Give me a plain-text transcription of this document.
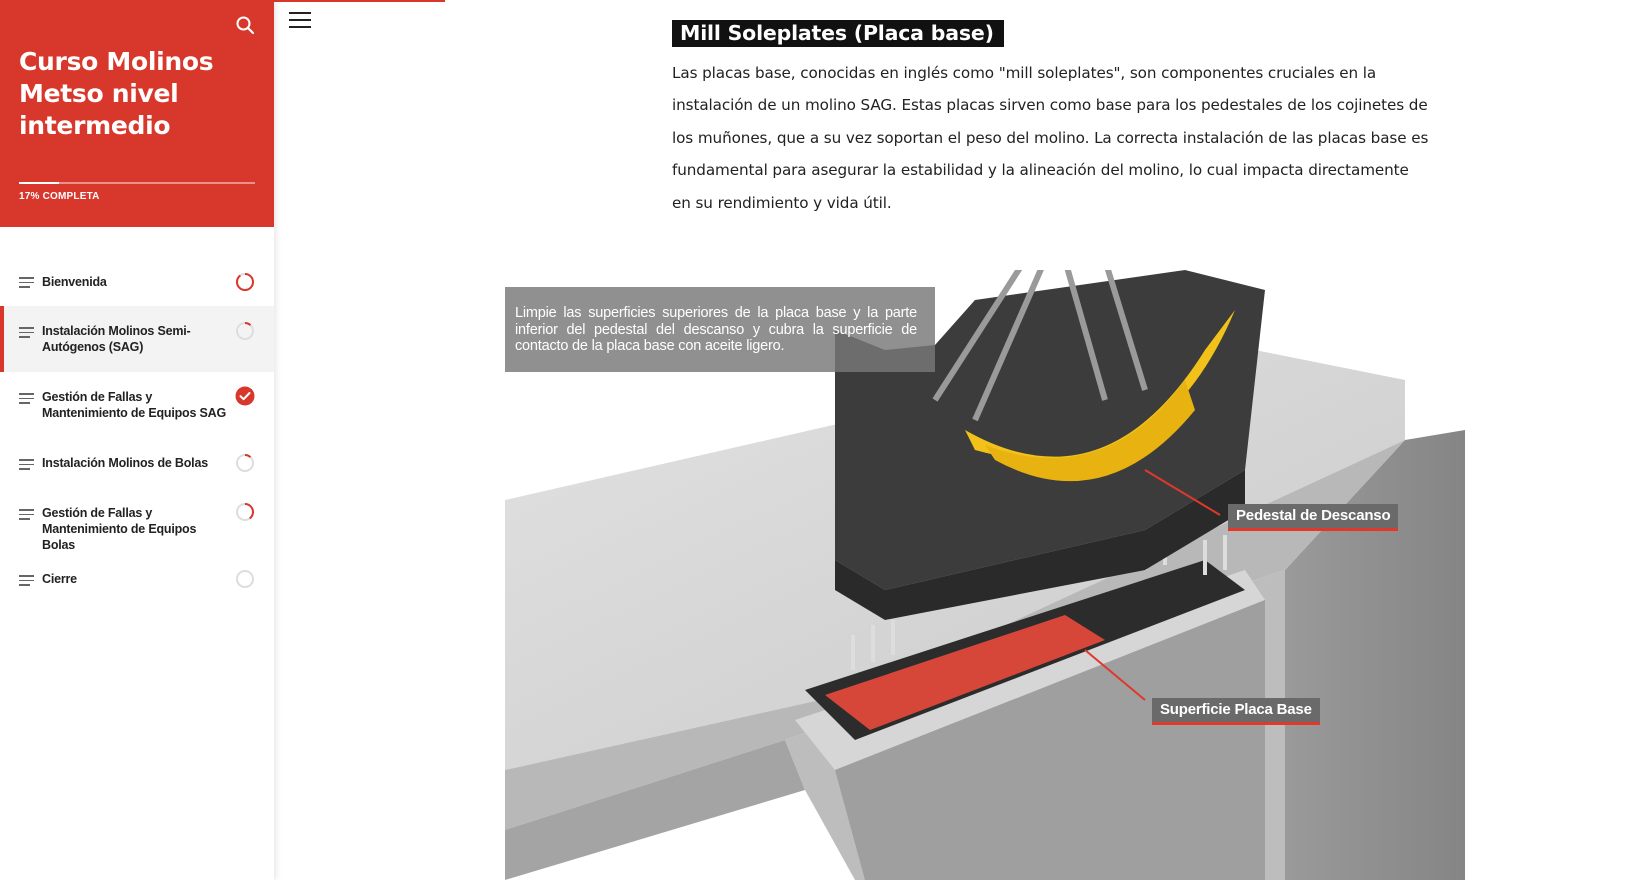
Curso Molinos Metso nivel intermedio
17% COMPLETA
Bienvenida
Instalación Molinos Semi-Autógenos (SAG)
Gestión de Fallas y Mantenimiento de Equipos SAG
Instalación Molinos de Bolas
Gestión de Fallas y Mantenimiento de Equipos Bolas
Cierre
Mill Soleplates (Placa base)

Las placas base, conocidas en inglés como "mill soleplates", son componentes cruciales en la instalación de un molino SAG. Estas placas sirven como base para los pedestales de los cojinetes de los muñones, que a su vez soportan el peso del molino. La correcta instalación de las placas base es fundamental para asegurar la estabilidad y la alineación del molino, lo cual impacta directamente en su rendimiento y vida útil.

Limpie las superficies superiores de la placa base y la parte inferior del pedestal del descanso y cubra la superficie de contacto de la placa base con aceite ligero.
Pedestal de Descanso
Superficie Placa Base
